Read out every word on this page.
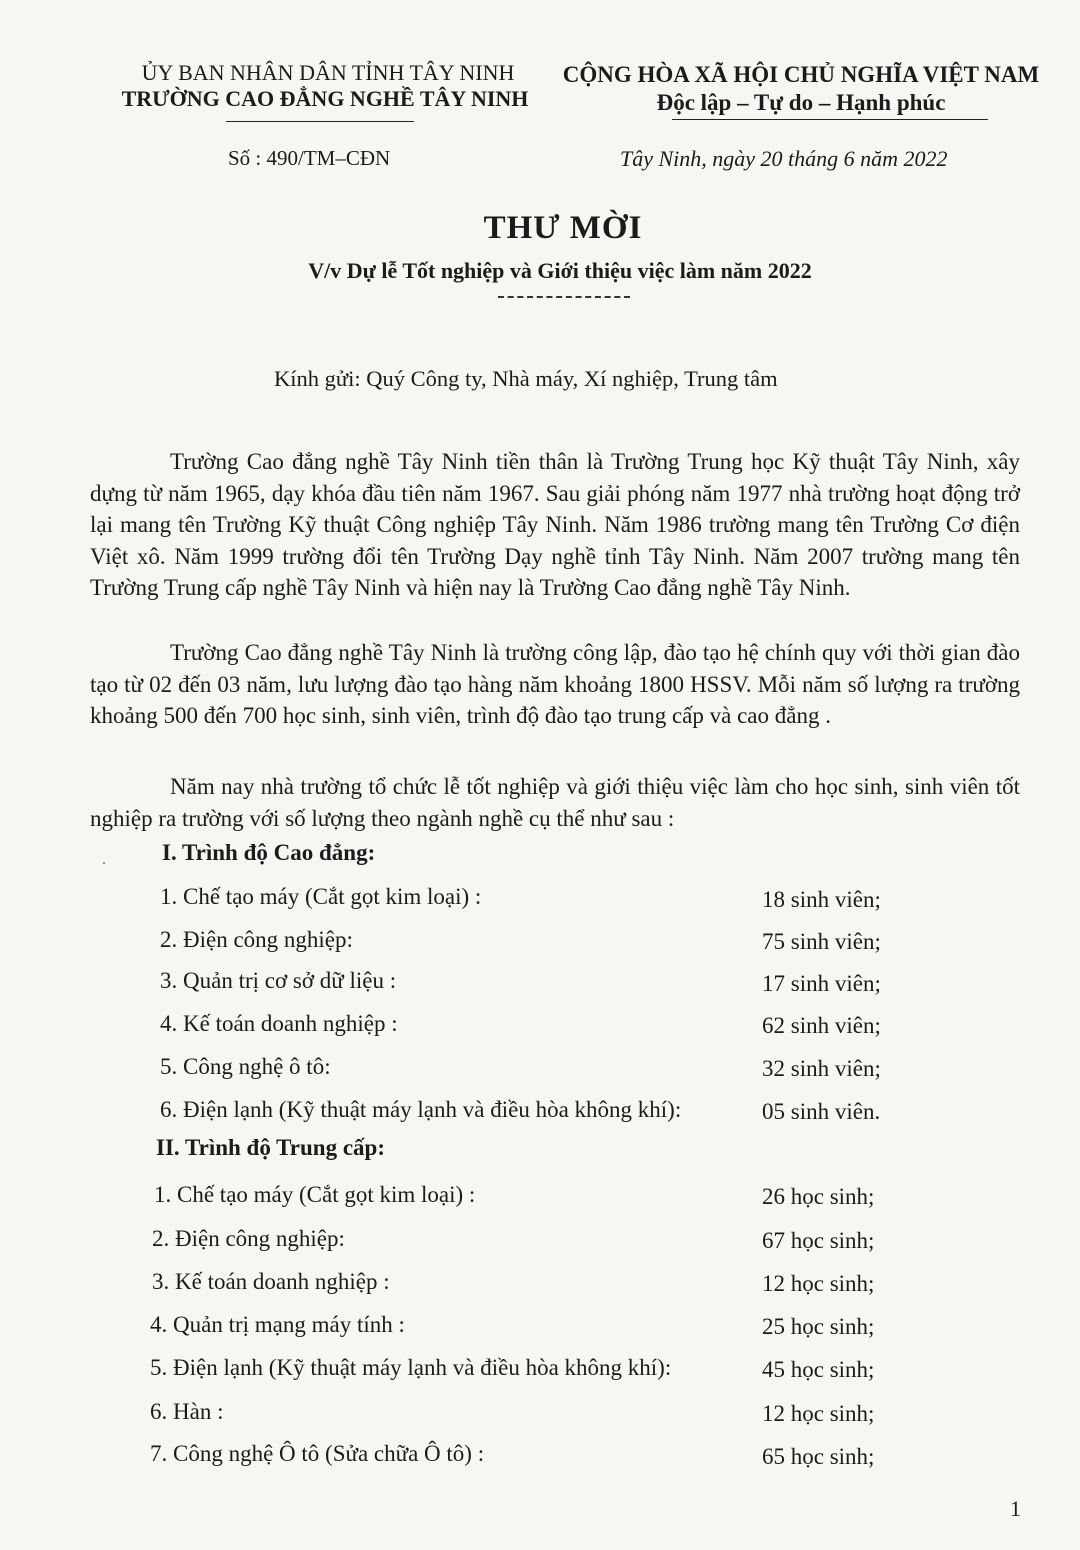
ỦY BAN NHÂN DÂN TỈNH TÂY NINH
TRƯỜNG CAO ĐẲNG NGHỀ TÂY NINH
CỘNG HÒA XÃ HỘI CHỦ NGHĨA VIỆT NAM
Độc lập – Tự do – Hạnh phúc
Số : 490/TM–CĐN	Tây Ninh, ngày 20 tháng 6 năm 2022
THƯ MỜI
V/v Dự lễ Tốt nghiệp và Giới thiệu việc làm năm 2022
Kính gửi: Quý Công ty, Nhà máy, Xí nghiệp, Trung tâm

Trường Cao đẳng nghề Tây Ninh tiền thân là Trường Trung học Kỹ thuật Tây Ninh, xây dựng từ năm 1965, dạy khóa đầu tiên năm 1967. Sau giải phóng năm 1977 nhà trường hoạt động trở lại mang tên Trường Kỹ thuật Công nghiệp Tây Ninh. Năm 1986 trường mang tên Trường Cơ điện Việt xô. Năm 1999 trường đổi tên Trường Dạy nghề tỉnh Tây Ninh. Năm 2007 trường mang tên Trường Trung cấp nghề Tây Ninh và hiện nay là Trường Cao đẳng nghề Tây Ninh.

Trường Cao đẳng nghề Tây Ninh là trường công lập, đào tạo hệ chính quy với thời gian đào tạo từ 02 đến 03 năm, lưu lượng đào tạo hàng năm khoảng 1800 HSSV. Mỗi năm số lượng ra trường khoảng 500 đến 700 học sinh, sinh viên, trình độ đào tạo trung cấp và cao đẳng .

Năm nay nhà trường tổ chức lễ tốt nghiệp và giới thiệu việc làm cho học sinh, sinh viên tốt nghiệp ra trường với số lượng theo ngành nghề cụ thể như sau :

I. Trình độ Cao đẳng:
1. Chế tạo máy (Cắt gọt kim loại) :	18 sinh viên;
2. Điện công nghiệp:	75 sinh viên;
3. Quản trị cơ sở dữ liệu :	17 sinh viên;
4. Kế toán doanh nghiệp :	62 sinh viên;
5. Công nghệ ô tô:	32 sinh viên;
6. Điện lạnh (Kỹ thuật máy lạnh và điều hòa không khí):	05 sinh viên.
II. Trình độ Trung cấp:
1. Chế tạo máy (Cắt gọt kim loại) :	26 học sinh;
2. Điện công nghiệp:	67 học sinh;
3. Kế toán doanh nghiệp :	12 học sinh;
4. Quản trị mạng máy tính :	25 học sinh;
5. Điện lạnh (Kỹ thuật máy lạnh và điều hòa không khí):	45 học sinh;
6. Hàn :	12 học sinh;
7. Công nghệ Ô tô (Sửa chữa Ô tô) :	65 học sinh;
1
